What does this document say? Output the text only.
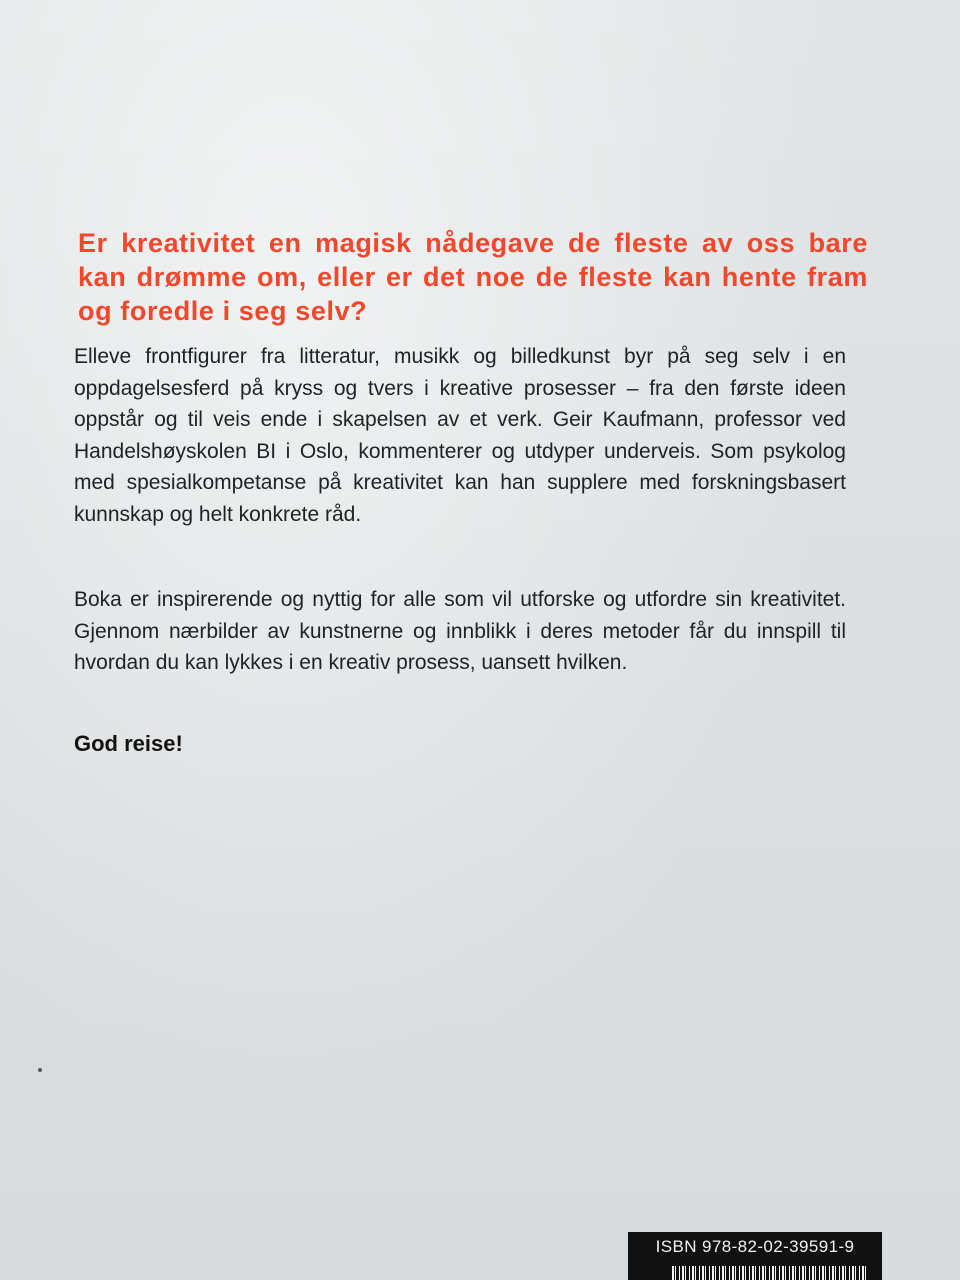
Er kreativitet en magisk nådegave de fleste av oss bare kan drømme om, eller er det noe de fleste kan hente fram og foredle i seg selv?

Elleve frontfigurer fra litteratur, musikk og billedkunst byr på seg selv i en oppdagelsesferd på kryss og tvers i kreative prosesser – fra den første ideen oppstår og til veis ende i skapelsen av et verk. Geir Kaufmann, professor ved Handelshøyskolen BI i Oslo, kommenterer og utdyper underveis. Som psykolog med spesialkompetanse på kreativitet kan han supplere med forskningsbasert kunnskap og helt konkrete råd.

Boka er inspirerende og nyttig for alle som vil utforske og utfordre sin kreativitet. Gjennom nærbilder av kunstnerne og innblikk i deres metoder får du innspill til hvordan du kan lykkes i en kreativ prosess, uansett hvilken.

God reise!

ISBN 978-82-02-39591-9
